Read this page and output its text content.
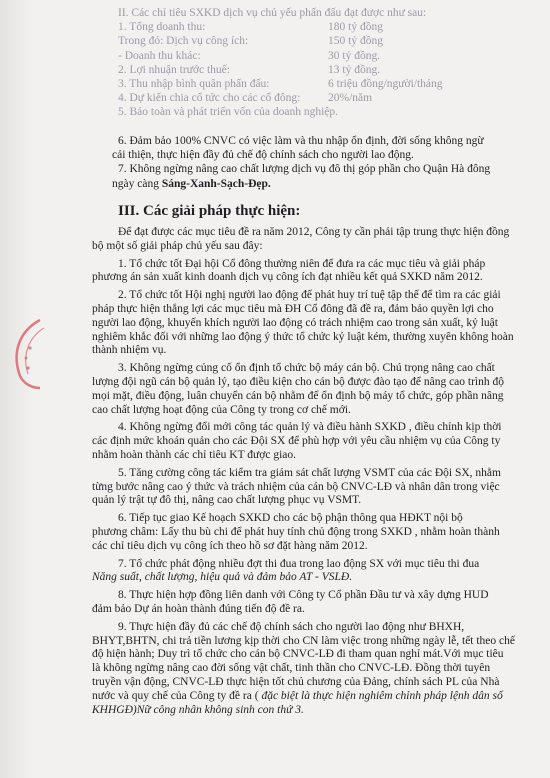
II. Các chỉ tiêu SXKD dịch vụ chủ yếu phấn đấu đạt được như sau:
1. Tổng doanh thu:	180 tỷ đồng
Trong đó: Dịch vụ công ích:	150 tỷ đồng
- Doanh thu khác:	30 tỷ đồng.
2. Lợi nhuận trước thuế:	13 tỷ đồng.
3. Thu nhập bình quân phấn đấu:	6 triệu đồng/người/tháng
4. Dự kiến chia cổ tức cho các cổ đông: 20%/năm
5. Bảo toàn và phát triển vốn của doanh nghiệp.
6. Đảm bảo 100% CNVC có việc làm và thu nhập ổn định, đời sống không ngừ
cải thiện, thực hiện đầy đủ chế độ chính sách cho người lao động.
7. Không ngừng nâng cao chất lượng dịch vụ đô thị góp phần cho Quận Hà đông
ngày càng Sáng-Xanh-Sạch-Đẹp.
III. Các giải pháp thực hiện:
Để đạt được các mục tiêu đề ra năm 2012, Công ty cần phải tập trung thực hiện đồng
bộ một số giải pháp chủ yếu sau đây:
1. Tổ chức tốt Đại hội Cổ đông thường niên để đưa ra các mục tiêu và giải pháp
phương án sản xuất kinh doanh dịch vụ công ích đạt nhiều kết quả SXKD năm 2012.
2. Tổ chức tốt Hội nghị người lao động để phát huy trí tuệ tập thể để tìm ra các giải
pháp thực hiện thắng lợi các mục tiêu mà ĐH Cổ đông đã đề ra, đảm bảo quyền lợi cho
người lao động, khuyến khích người lao động có trách nhiệm cao trong sản xuất, kỷ luật
nghiêm khắc đối với những lao động ý thức tổ chức kỷ luật kém, thường xuyên không hoàn
thành nhiệm vụ.
3. Không ngừng củng cố ổn định tổ chức bộ máy cán bộ. Chú trọng nâng cao chất
lượng đội ngũ cán bộ quản lý, tạo điều kiện cho cán bộ được đào tạo để nâng cao trình độ
mọi mặt, điều động, luân chuyển cán bộ nhằm để ổn định bộ máy tổ chức, góp phần nâng
cao chất lượng hoạt động của Công ty trong cơ chế mới.
4. Không ngừng đổi mới công tác quản lý và điều hành SXKD , điều chỉnh kịp thời
các định mức khoán quản cho các Đội SX để phù hợp với yêu cầu nhiệm vụ của Công ty
nhằm hoàn thành các chỉ tiêu KT được giao.
5. Tăng cường công tác kiểm tra giám sát chất lượng VSMT của các Đội SX, nhằm
từng bước nâng cao ý thức và trách nhiệm của cán bộ CNVC-LĐ và nhân dân trong việc
quản lý trật tự đô thị, nâng cao chất lượng phục vụ VSMT.
6. Tiếp tục giao Kế hoạch SXKD cho các bộ phận thông qua HĐKT nội bộ
phương châm: Lấy thu bù chi để phát huy tính chủ động trong SXKD , nhằm hoàn thành
các chỉ tiêu dịch vụ công ích theo hồ sơ đặt hàng năm 2012.
7. Tổ chức phát động nhiều đợt thi đua trong lao động SX với mục tiêu thi đua
Năng suất, chất lượng, hiệu quả và đảm bảo AT - VSLĐ.
8. Thực hiện hợp đồng liên danh với Công ty Cổ phần Đầu tư và xây dựng HUD
đảm bảo Dự án hoàn thành đúng tiến độ đề ra.
9. Thực hiện đầy đủ các chế độ chính sách cho người lao động như BHXH,
BHYT,BHTN, chi trả tiền lương kịp thời cho CN làm việc trong những ngày lễ, tết theo chế
độ hiện hành; Duy trì tổ chức cho cán bộ CNVC-LĐ đi tham quan nghỉ mát.Với mục tiêu
là không ngừng nâng cao đời sống vật chất, tinh thần cho CNVC-LĐ. Đồng thời tuyên
truyền vận động, CNVC-LĐ thực hiện tốt chủ chương của Đảng, chính sách PL của Nhà
nước và quy chế của Công ty đề ra ( đặc biệt là thực hiện nghiêm chỉnh pháp lệnh dân số
KHHGĐ)Nữ công nhân không sinh con thứ 3.
